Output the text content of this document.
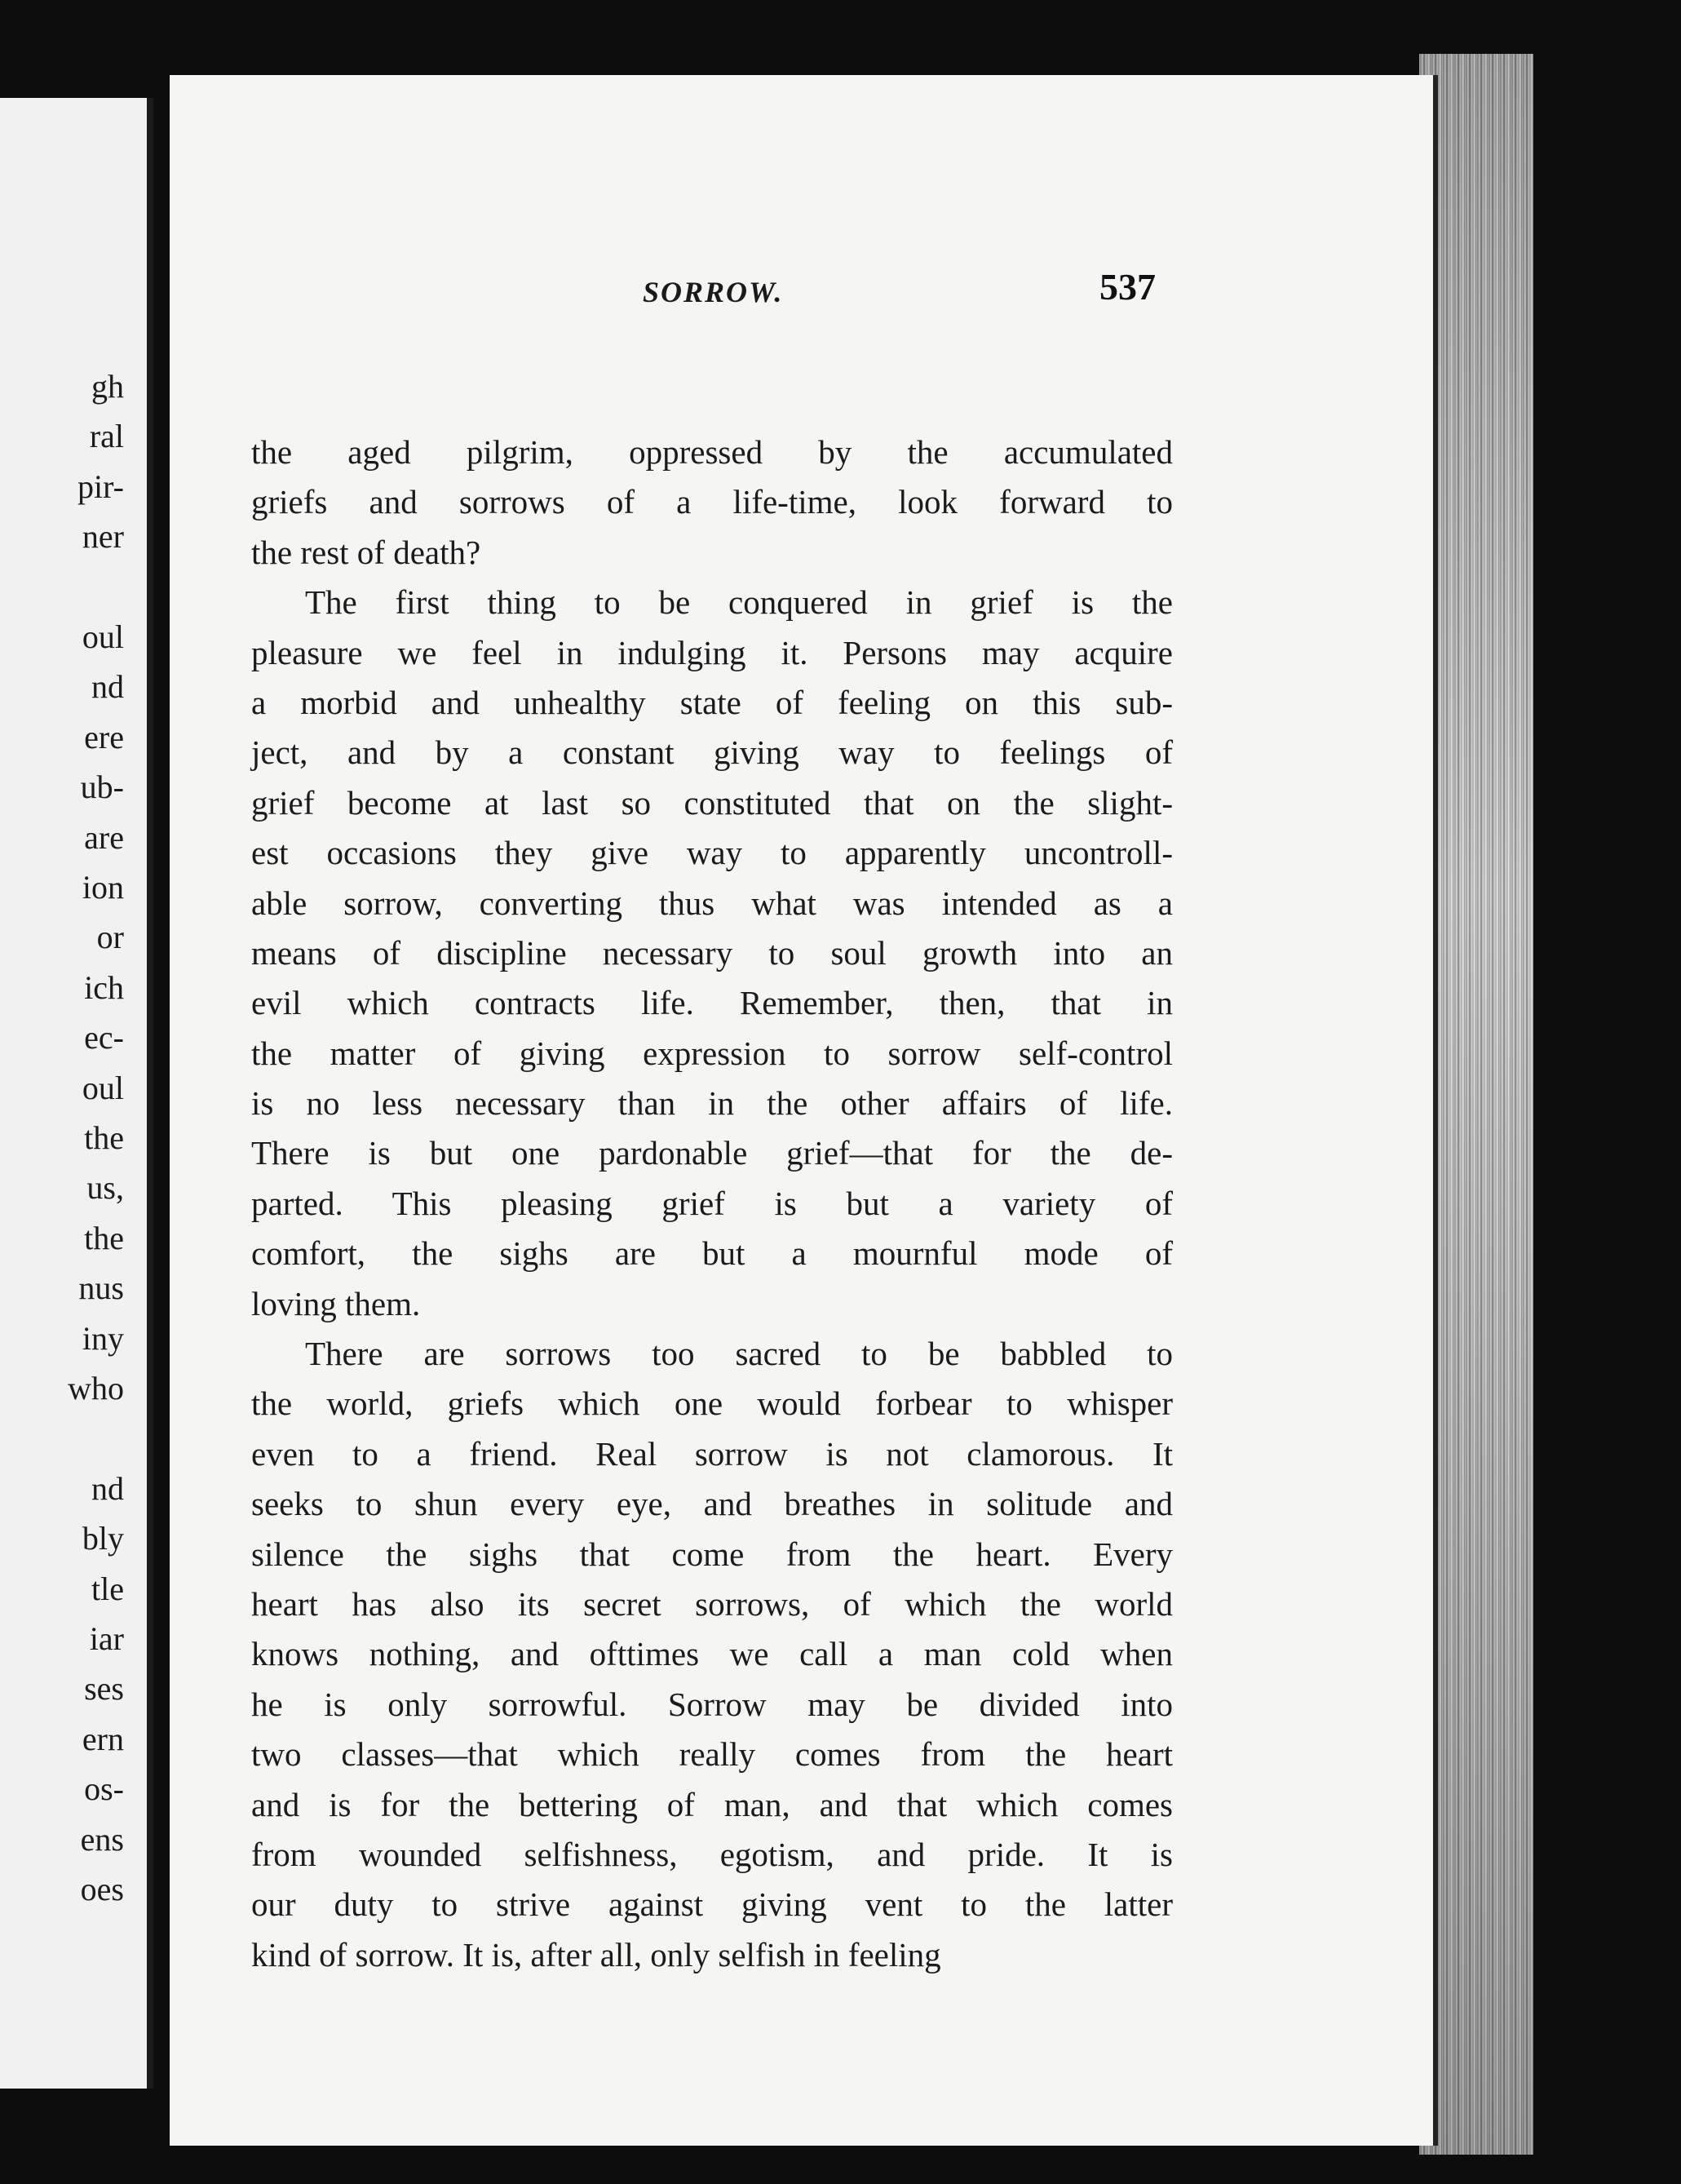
gh
ral
pir-
ner
oul
nd
ere
ub-
are
ion
or
ich
ec-
oul
the
us,
the
nus
iny
who
nd
bly
tle
iar
ses
ern
os-
ens
oes
SORROW.	537
the aged pilgrim, oppressed by the accumulated
griefs and sorrows of a life-time, look forward to
the rest of death?
The first thing to be conquered in grief is the
pleasure we feel in indulging it. Persons may acquire
a morbid and unhealthy state of feeling on this sub-
ject, and by a constant giving way to feelings of
grief become at last so constituted that on the slight-
est occasions they give way to apparently uncontroll-
able sorrow, converting thus what was intended as a
means of discipline necessary to soul growth into an
evil which contracts life. Remember, then, that in
the matter of giving expression to sorrow self-control
is no less necessary than in the other affairs of life.
There is but one pardonable grief—that for the de-
parted. This pleasing grief is but a variety of
comfort, the sighs are but a mournful mode of
loving them.
There are sorrows too sacred to be babbled to
the world, griefs which one would forbear to whisper
even to a friend. Real sorrow is not clamorous. It
seeks to shun every eye, and breathes in solitude and
silence the sighs that come from the heart. Every
heart has also its secret sorrows, of which the world
knows nothing, and ofttimes we call a man cold when
he is only sorrowful. Sorrow may be divided into
two classes—that which really comes from the heart
and is for the bettering of man, and that which comes
from wounded selfishness, egotism, and pride. It is
our duty to strive against giving vent to the latter
kind of sorrow. It is, after all, only selfish in feeling
